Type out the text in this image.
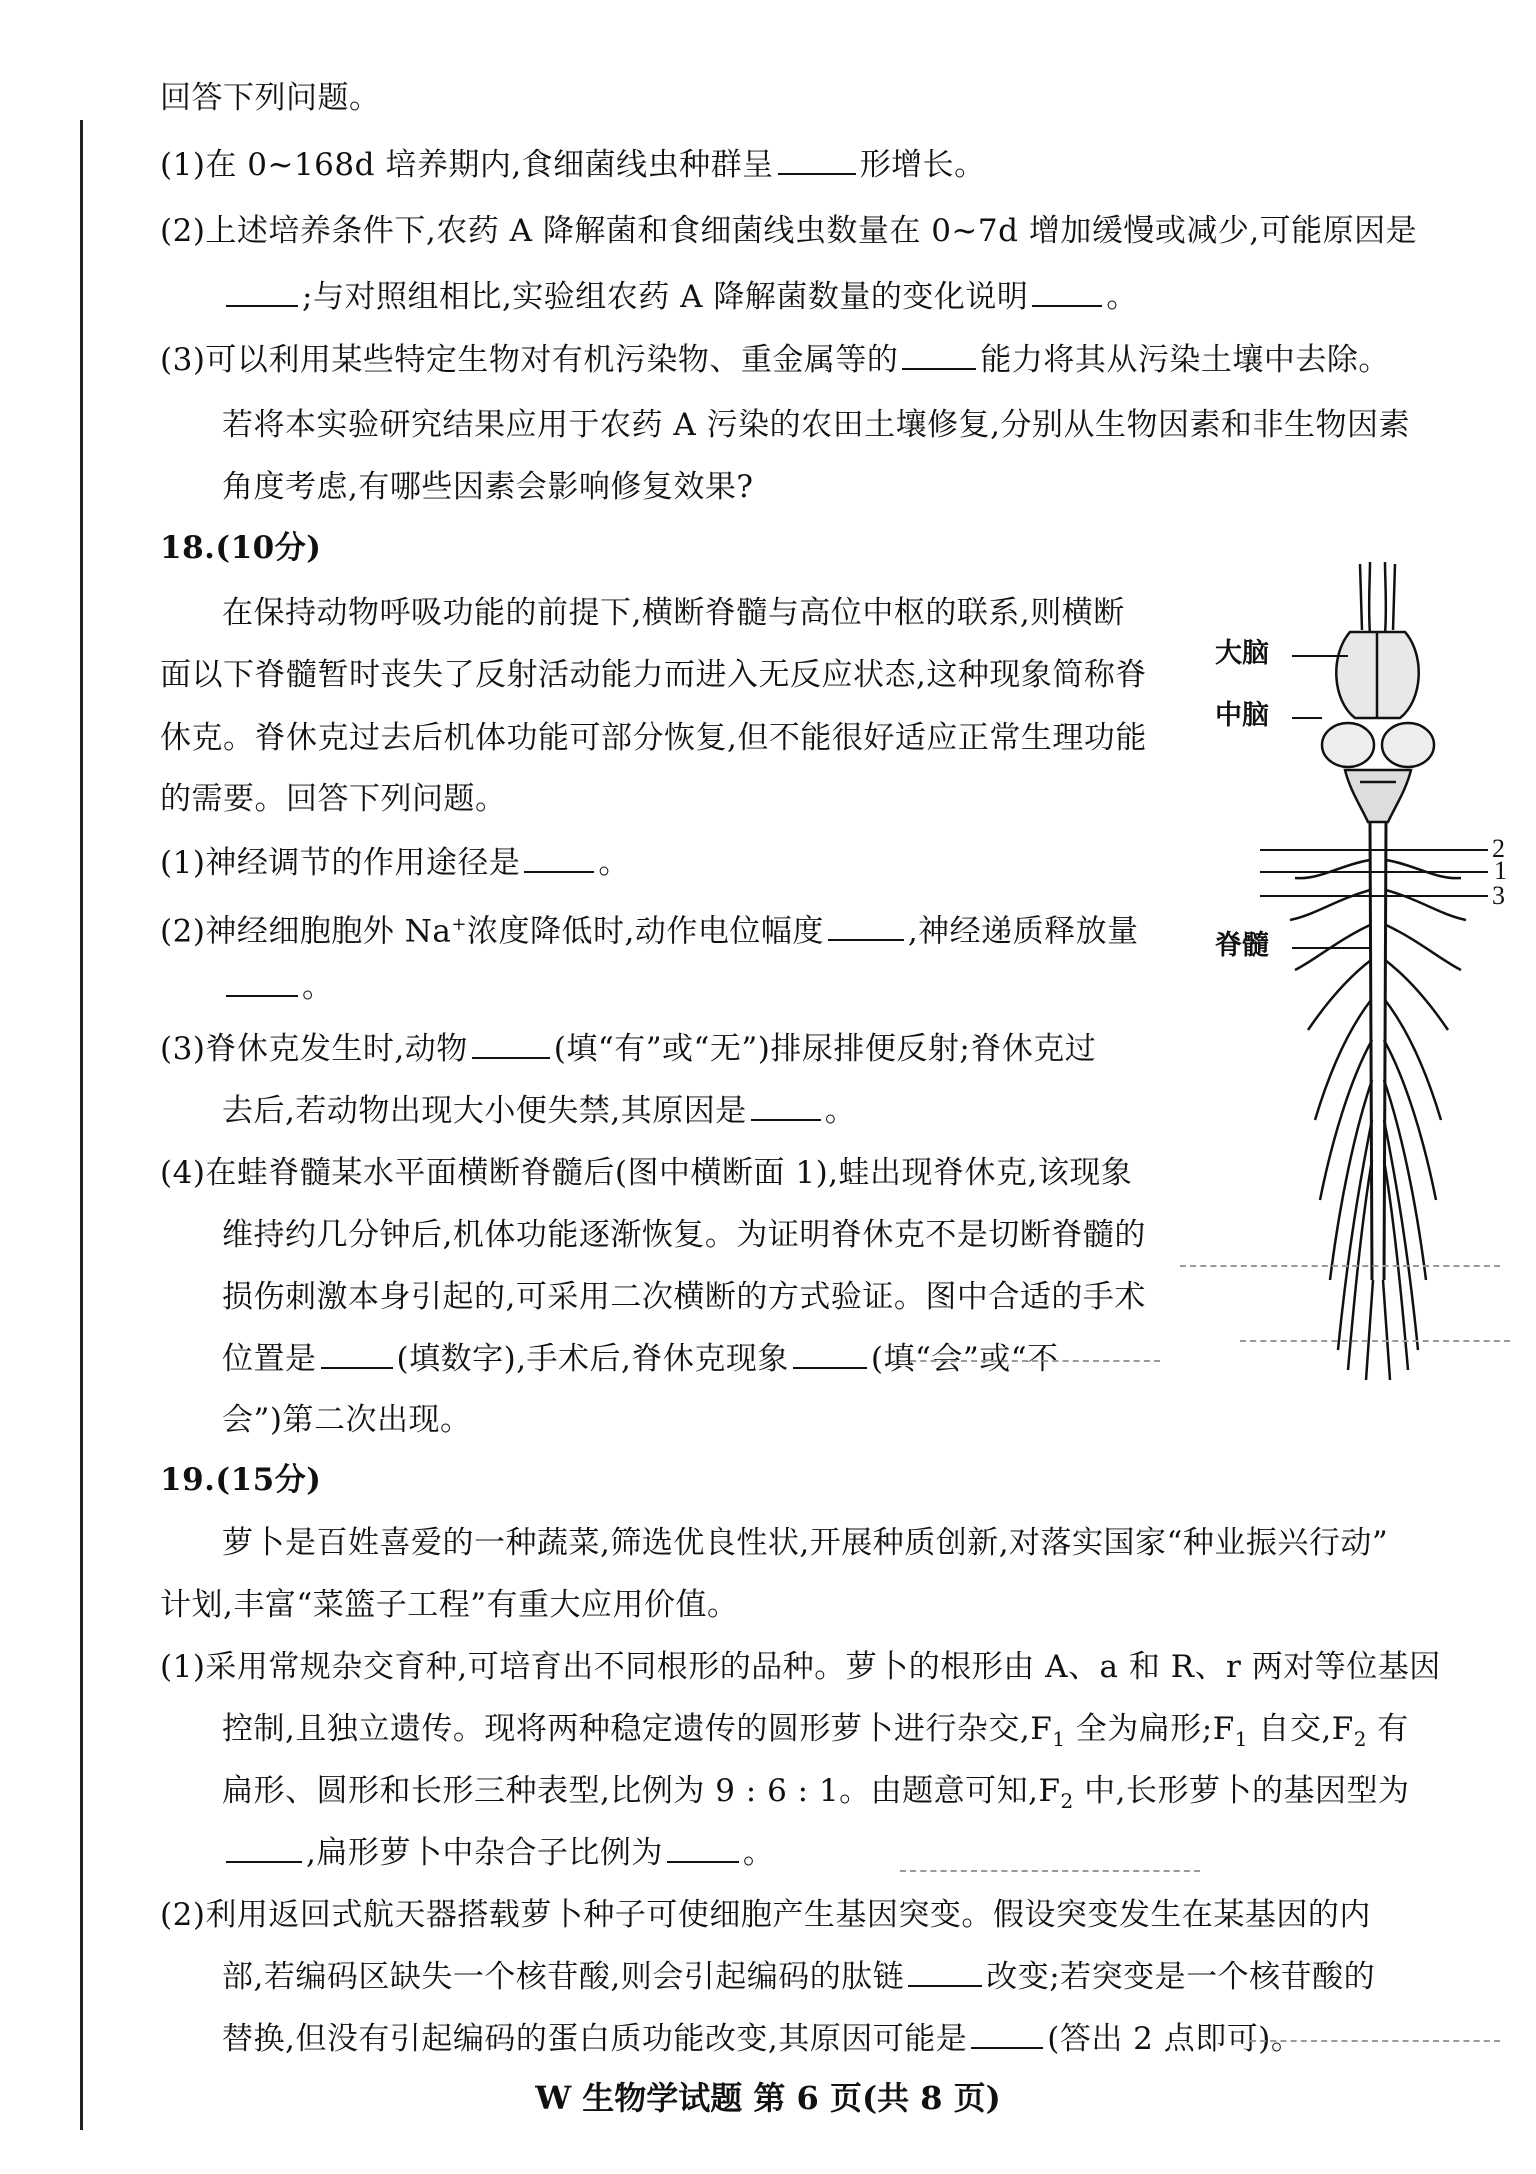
回答下列问题。
(1)在 0~168d 培养期内,食细菌线虫种群呈	形增长。
(2)上述培养条件下,农药 A 降解菌和食细菌线虫数量在 0~7d 增加缓慢或减少,可能原因是
;与对照组相比,实验组农药 A 降解菌数量的变化说明	。
(3)可以利用某些特定生物对有机污染物、重金属等的	能力将其从污染土壤中去除。
若将本实验研究结果应用于农药 A 污染的农田土壤修复,分别从生物因素和非生物因素
角度考虑,有哪些因素会影响修复效果?
18.(10分)
在保持动物呼吸功能的前提下,横断脊髓与高位中枢的联系,则横断
面以下脊髓暂时丧失了反射活动能力而进入无反应状态,这种现象简称脊
休克。脊休克过去后机体功能可部分恢复,但不能很好适应正常生理功能
的需要。回答下列问题。
(1)神经调节的作用途径是	。
(2)神经细胞胞外 Na+浓度降低时,动作电位幅度	,神经递质释放量
。
(3)脊休克发生时,动物	(填“有”或“无”)排尿排便反射;脊休克过
去后,若动物出现大小便失禁,其原因是	。
(4)在蛙脊髓某水平面横断脊髓后(图中横断面 1),蛙出现脊休克,该现象
维持约几分钟后,机体功能逐渐恢复。为证明脊休克不是切断脊髓的
损伤刺激本身引起的,可采用二次横断的方式验证。图中合适的手术
位置是	(填数字),手术后,脊休克现象	(填“会”或“不
会”)第二次出现。
大脑
中脑
脊髓
2
1
3
19.(15分)
萝卜是百姓喜爱的一种蔬菜,筛选优良性状,开展种质创新,对落实国家“种业振兴行动”
计划,丰富“菜篮子工程”有重大应用价值。
(1)采用常规杂交育种,可培育出不同根形的品种。萝卜的根形由 A、a 和 R、r 两对等位基因
控制,且独立遗传。现将两种稳定遗传的圆形萝卜进行杂交$,F_1$ 全为扁形$;F_1$ 自交$,F_2$ 有
扁形、圆形和长形三种表型,比例为 9 : 6 : 1。由题意可知$,F_2$ 中,长形萝卜的基因型为
,扁形萝卜中杂合子比例为	。
(2)利用返回式航天器搭载萝卜种子可使细胞产生基因突变。假设突变发生在某基因的内
部,若编码区缺失一个核苷酸,则会引起编码的肽链	改变;若突变是一个核苷酸的
替换,但没有引起编码的蛋白质功能改变,其原因可能是	(答出 2 点即可)。
W 生物学试题 第 6 页(共 8 页)
